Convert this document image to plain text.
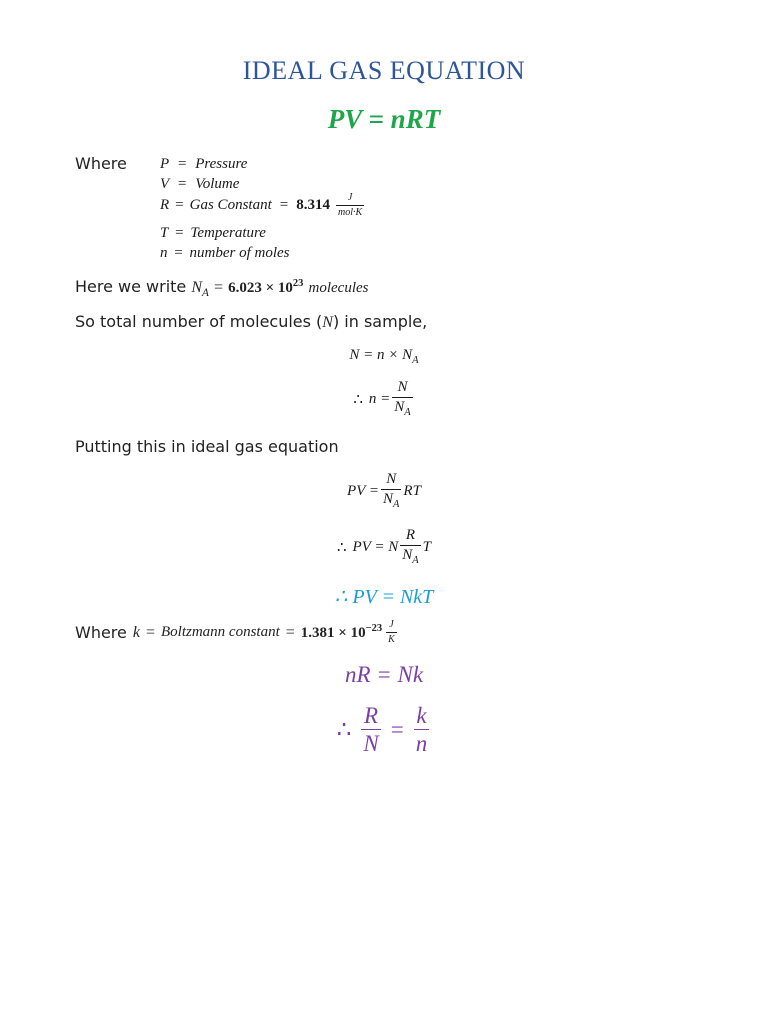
IDEAL GAS EQUATION
PV = nRT
Where P = Pressure
V = Volume
R = Gas Constant = $8.314 \frac{J}{\text{mol·K}}$
T = Temperature
n = number of moles
Here we write $N_A = 6.023 \times 10^{23}$ molecules
So total number of molecules (N) in sample,
$N = n \times N_A$
∴ $n = \frac{N}{N_A}$
Putting this in ideal gas equation
PV = $\frac{N}{N_A}$ RT
∴ PV = N $\frac{R}{N_A}$ T
∴ PV = NkT
Where k = Boltzmann constant = $1.381 \times 10^{-23} \frac{J}{K}$
nR = Nk
∴ $\frac{R}{N} = \frac{k}{n}$
